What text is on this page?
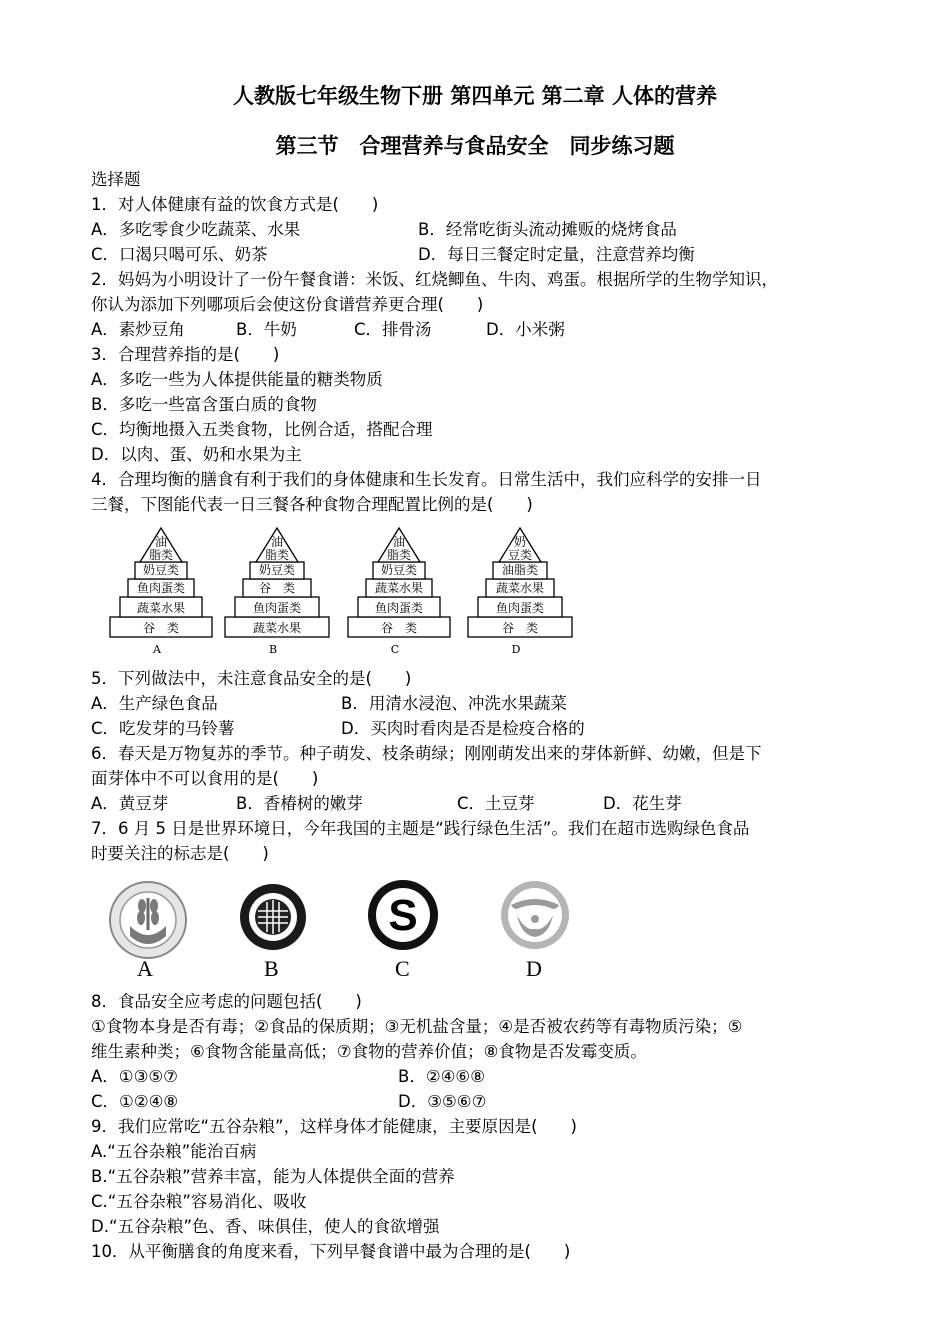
人教版七年级生物下册 第四单元 第二章 人体的营养
第三节　合理营养与食品安全　同步练习题
选择题
1．对人体健康有益的饮食方式是(　　)
A．多吃零食少吃蔬菜、水果	B．经常吃街头流动摊贩的烧烤食品
C．口渴只喝可乐、奶茶	D．每日三餐定时定量，注意营养均衡
2．妈妈为小明设计了一份午餐食谱：米饭、红烧鲫鱼、牛肉、鸡蛋。根据所学的生物学知识，
你认为添加下列哪项后会使这份食谱营养更合理(　　)
A．素炒豆角	B．牛奶	C．排骨汤	D．小米粥
3．合理营养指的是(　　)
A．多吃一些为人体提供能量的糖类物质
B．多吃一些富含蛋白质的食物
C．均衡地摄入五类食物，比例合适，搭配合理
D．以肉、蛋、奶和水果为主
4．合理均衡的膳食有利于我们的身体健康和生长发育。日常生活中，我们应科学的安排一日
三餐，下图能代表一日三餐各种食物合理配置比例的是(　　)
谷　类
蔬菜水果
鱼肉蛋类
奶豆类
油
脂类
A
蔬菜水果
鱼肉蛋类
谷　类
奶豆类
油
脂类
B
谷　类
鱼肉蛋类
蔬菜水果
奶豆类
油
脂类
C
谷　类
鱼肉蛋类
蔬菜水果
油脂类
奶
豆类
D
5．下列做法中，未注意食品安全的是(　　)
A．生产绿色食品	B．用清水浸泡、冲洗水果蔬菜
C．吃发芽的马铃薯	D．买肉时看肉是否是检疫合格的
6．春天是万物复苏的季节。种子萌发、枝条萌绿；刚刚萌发出来的芽体新鲜、幼嫩，但是下
面芽体中不可以食用的是(　　)
A．黄豆芽	B．香椿树的嫩芽	C．土豆芽	D．花生芽
7．6 月 5 日是世界环境日，今年我国的主题是“践行绿色生活”。我们在超市选购绿色食品
时要关注的标志是(　　)
A	B
S
C	D
8．食品安全应考虑的问题包括(　　)
①食物本身是否有毒；②食品的保质期；③无机盐含量；④是否被农药等有毒物质污染；⑤
维生素种类；⑥食物含能量高低；⑦食物的营养价值；⑧食物是否发霉变质。
A．①③⑤⑦	B．②④⑥⑧
C．①②④⑧	D．③⑤⑥⑦
9．我们应常吃“五谷杂粮”，这样身体才能健康，主要原因是(　　)
A.“五谷杂粮”能治百病
B.“五谷杂粮”营养丰富，能为人体提供全面的营养
C.“五谷杂粮”容易消化、吸收
D.“五谷杂粮”色、香、味俱佳，使人的食欲增强
10．从平衡膳食的角度来看，下列早餐食谱中最为合理的是(　　)
